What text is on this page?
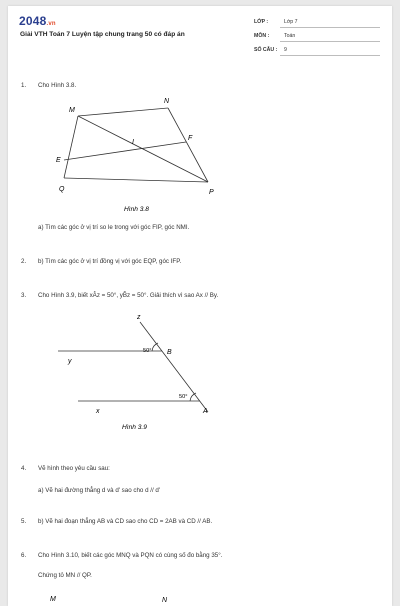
2048.vn
Giải VTH Toán 7 Luyện tập chung trang 50 có đáp án
LỚP :	Lớp 7
MÔN :	Toán
SỐ CÂU : 9
1. Cho Hình 3.8.
M
N
I
F
E
Q	P
Hình 3.8
a) Tìm các góc ở vị trí so le trong với góc FIP, góc NMI.
2. b) Tìm các góc ở vị trí đồng vị với góc EQP, góc IFP.
3. Cho Hình 3.9, biết xÂz = 50°, yB̂z = 50°. Giải thích vì sao Ax // By.
z
y
B
50°
50°
x	A
Hình 3.9
4. Vẽ hình theo yêu cầu sau:
a) Vẽ hai đường thẳng d và d' sao cho d // d'
5. b) Vẽ hai đoạn thẳng AB và CD sao cho CD = 2AB và CD // AB.
6. Cho Hình 3.10, biết các góc MNQ và PQN có cùng số đo bằng 35°.
Chứng tỏ MN // QP.
M	N
